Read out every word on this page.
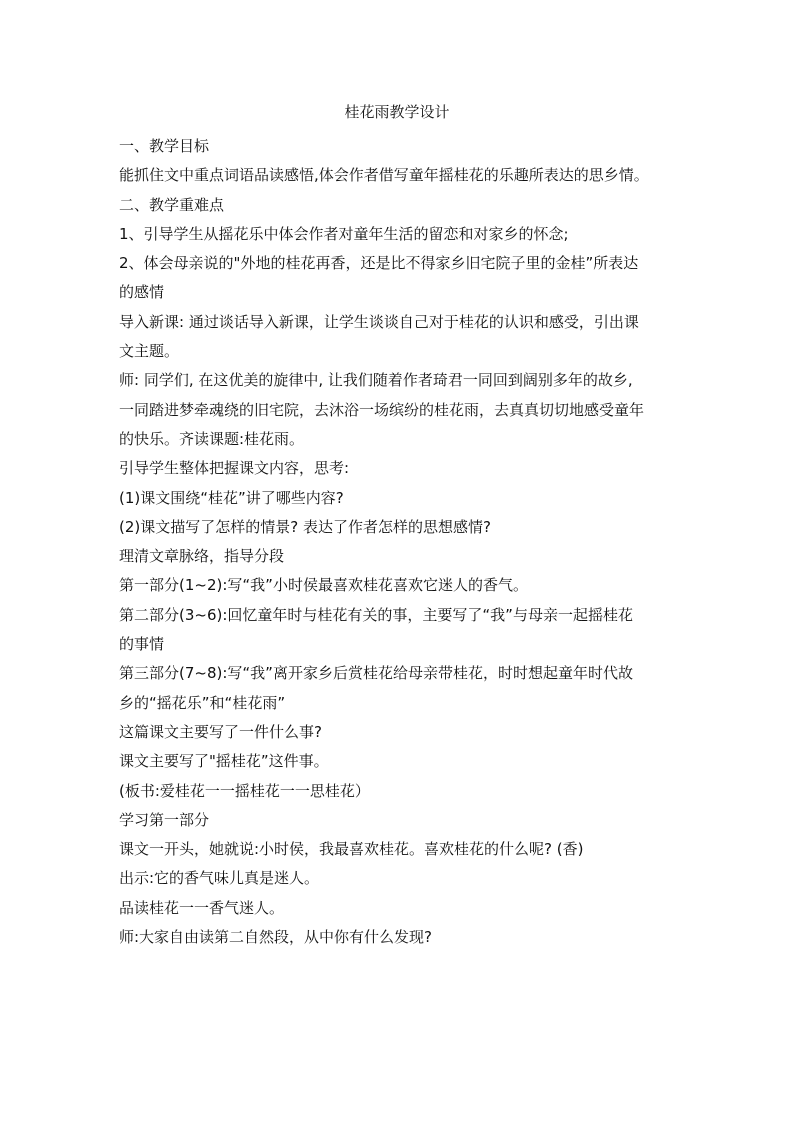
桂花雨教学设计
一、教学目标
能抓住文中重点词语品读感悟,体会作者借写童年摇桂花的乐趣所表达的思乡情。
二、教学重难点
1、引导学生从摇花乐中体会作者对童年生活的留恋和对家乡的怀念;
2、体会母亲说的"外地的桂花再香，还是比不得家乡旧宅院子里的金桂”所表达
的感情
导入新课: 通过谈话导入新课，让学生谈谈自己对于桂花的认识和感受，引出课
文主题。
师: 同学们, 在这优美的旋律中, 让我们随着作者琦君一同回到阔别多年的故乡,
一同踏进梦牵魂绕的旧宅院，去沐浴一场缤纷的桂花雨，去真真切切地感受童年
的快乐。齐读课题:桂花雨。
引导学生整体把握课文内容，思考:
(1)课文围绕“桂花”讲了哪些内容?
(2)课文描写了怎样的情景? 表达了作者怎样的思想感情?
理清文章脉络，指导分段
第一部分(1~2):写“我”小时侯最喜欢桂花喜欢它迷人的香气。
第二部分(3~6):回忆童年时与桂花有关的事，主要写了“我”与母亲一起摇桂花
的事情
第三部分(7~8):写“我”离开家乡后赏桂花给母亲带桂花，时时想起童年时代故
乡的“摇花乐”和“桂花雨”
这篇课文主要写了一件什么事?
课文主要写了"摇桂花”这件事。
(板书:爱桂花一一摇桂花一一思桂花）
学习第一部分
课文一开头，她就说:小时侯，我最喜欢桂花。喜欢桂花的什么呢? (香)
出示:它的香气味儿真是迷人。
品读桂花一一香气迷人。
师:大家自由读第二自然段，从中你有什么发现?
